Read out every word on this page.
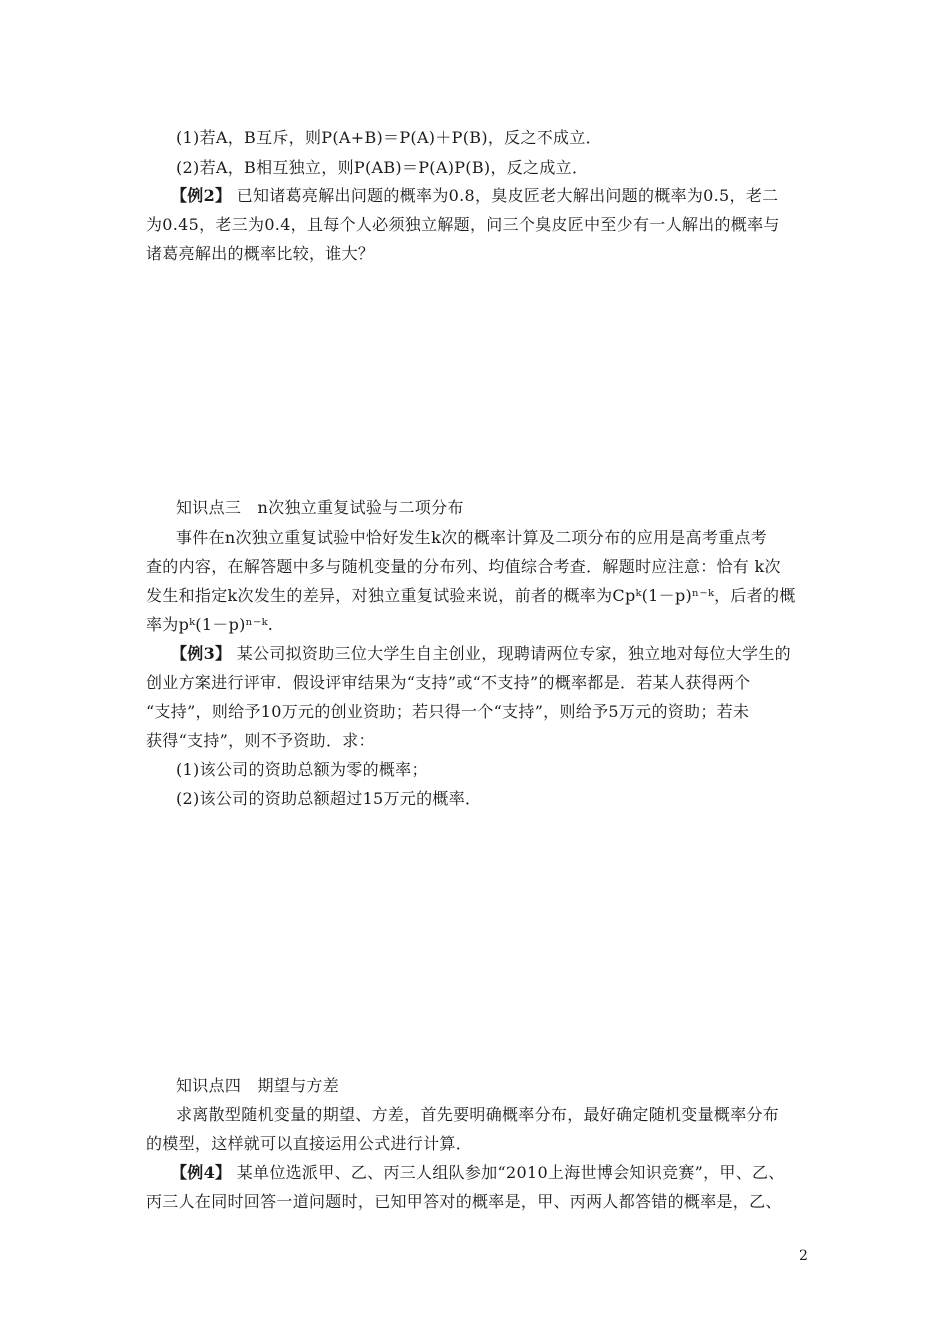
(1)若A，B互斥，则P(A+B)＝P(A)＋P(B)，反之不成立．
(2)若A，B相互独立，则P(AB)＝P(A)P(B)，反之成立．
【例2】 已知诸葛亮解出问题的概率为0.8，臭皮匠老大解出问题的概率为0.5，老二
为0.45，老三为0.4，且每个人必须独立解题，问三个臭皮匠中至少有一人解出的概率与
诸葛亮解出的概率比较，谁大？
知识点三　n次独立重复试验与二项分布
事件在n次独立重复试验中恰好发生k次的概率计算及二项分布的应用是高考重点考
查的内容，在解答题中多与随机变量的分布列、均值综合考查．解题时应注意：恰有 k次
发生和指定k次发生的差异，对独立重复试验来说，前者的概率为Cpᵏ(1－p)ⁿ⁻ᵏ，后者的概
率为pᵏ(1－p)ⁿ⁻ᵏ.
【例3】 某公司拟资助三位大学生自主创业，现聘请两位专家，独立地对每位大学生的
创业方案进行评审．假设评审结果为“支持”或“不支持”的概率都是．若某人获得两个
“支持”，则给予10万元的创业资助；若只得一个“支持”，则给予5万元的资助；若未
获得“支持”，则不予资助．求：
(1)该公司的资助总额为零的概率；
(2)该公司的资助总额超过15万元的概率．
知识点四　期望与方差
求离散型随机变量的期望、方差，首先要明确概率分布，最好确定随机变量概率分布
的模型，这样就可以直接运用公式进行计算．
【例4】 某单位选派甲、乙、丙三人组队参加“2010上海世博会知识竞赛”，甲、乙、
丙三人在同时回答一道问题时，已知甲答对的概率是，甲、丙两人都答错的概率是，乙、
2
